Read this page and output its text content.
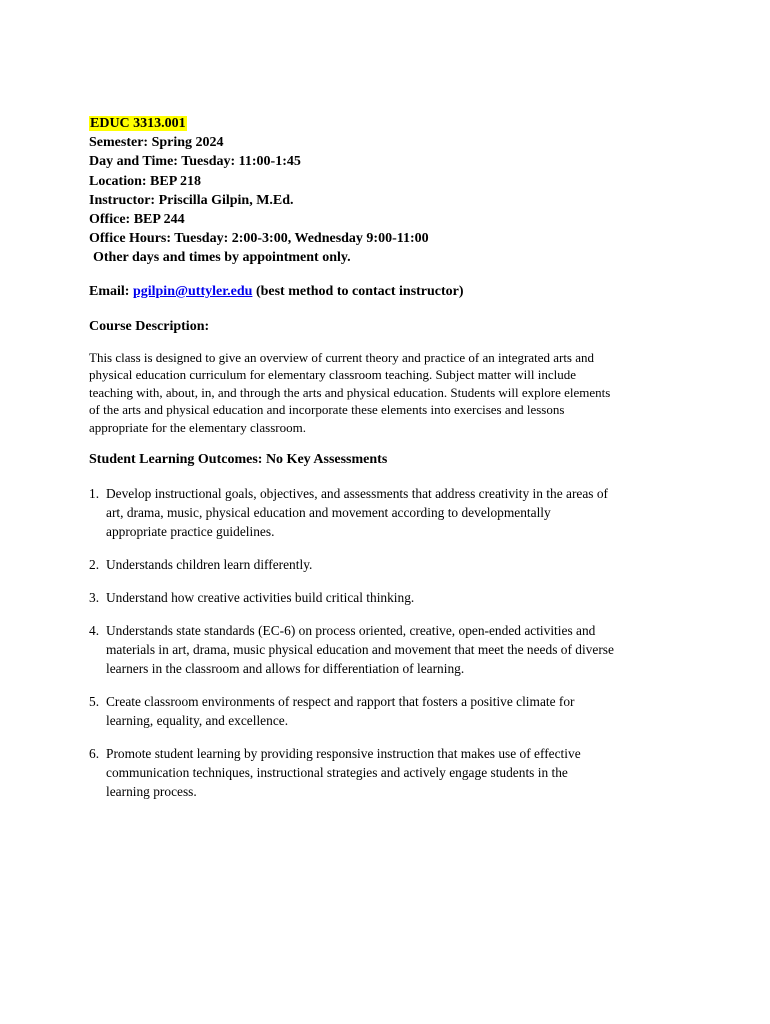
EDUC 3313.001
Semester: Spring 2024
Day and Time: Tuesday: 11:00-1:45
Location: BEP 218
Instructor: Priscilla Gilpin, M.Ed.
Office: BEP 244
Office Hours: Tuesday: 2:00-3:00, Wednesday 9:00-11:00
Other days and times by appointment only.
Email: pgilpin@uttyler.edu (best method to contact instructor)
Course Description:
This class is designed to give an overview of current theory and practice of an integrated arts and
physical education curriculum for elementary classroom teaching. Subject matter will include
teaching with, about, in, and through the arts and physical education. Students will explore elements
of the arts and physical education and incorporate these elements into exercises and lessons
appropriate for the elementary classroom.
Student Learning Outcomes: No Key Assessments
1. Develop instructional goals, objectives, and assessments that address creativity in the areas of
art, drama, music, physical education and movement according to developmentally
appropriate practice guidelines.
2. Understands children learn differently.
3. Understand how creative activities build critical thinking.
4. Understands state standards (EC-6) on process oriented, creative, open-ended activities and
materials in art, drama, music physical education and movement that meet the needs of diverse
learners in the classroom and allows for differentiation of learning.
5. Create classroom environments of respect and rapport that fosters a positive climate for
learning, equality, and excellence.
6. Promote student learning by providing responsive instruction that makes use of effective
communication techniques, instructional strategies and actively engage students in the
learning process.
